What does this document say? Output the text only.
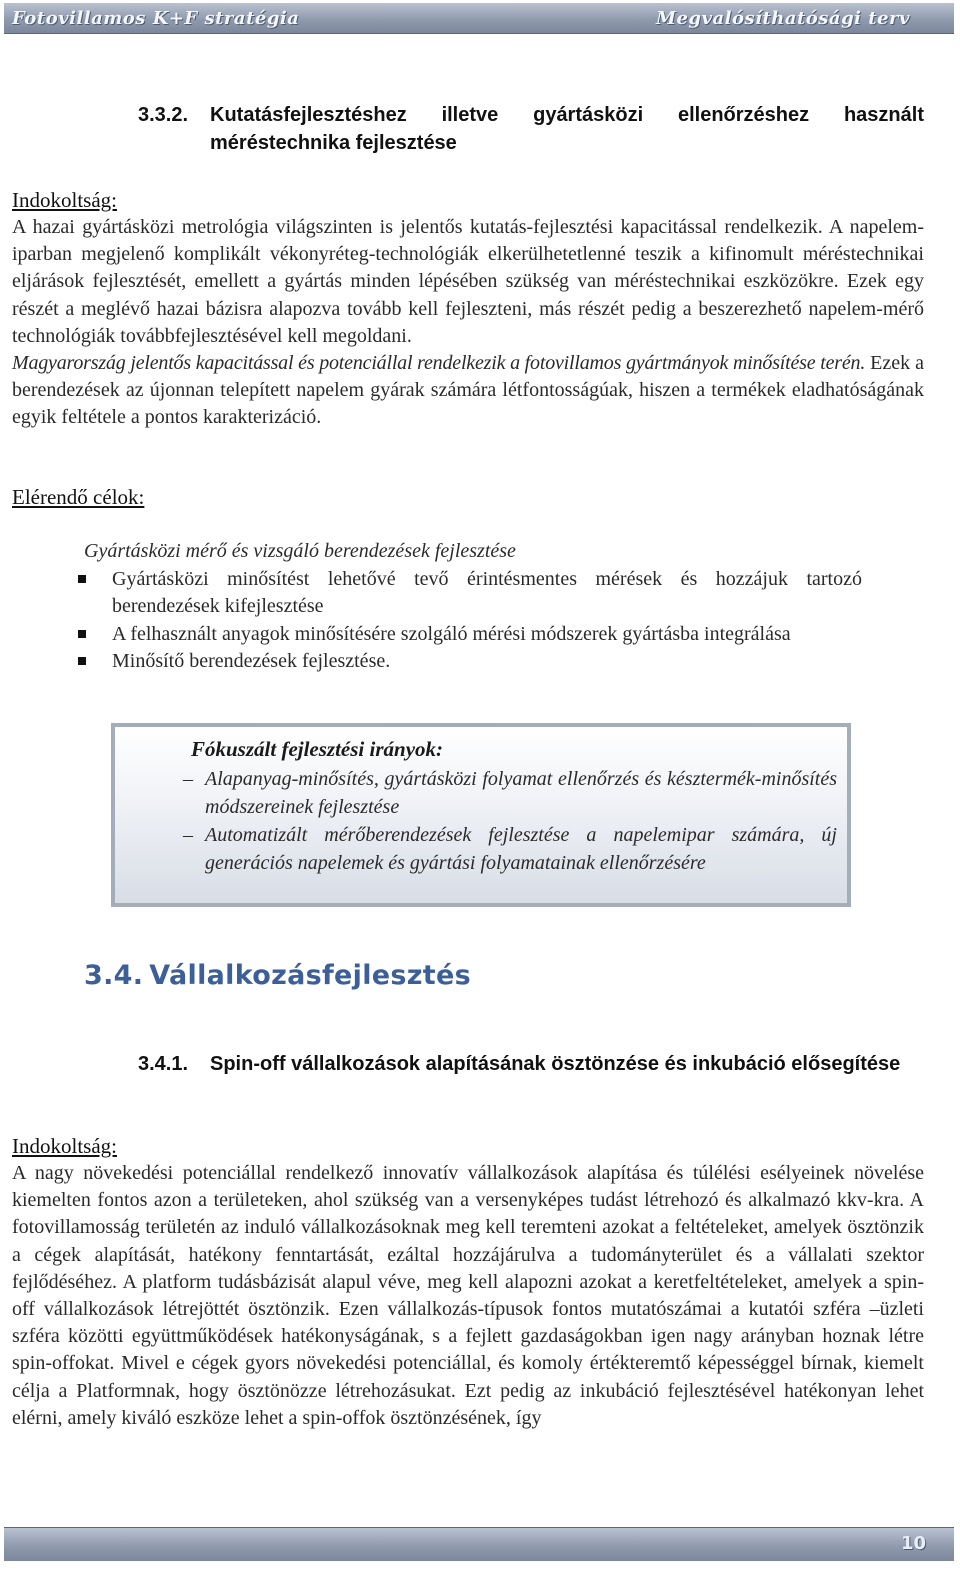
Fotovillamos K+F stratégia	Megvalósíthatósági terv
3.3.2. Kutatásfejlesztéshez illetve gyártásközi ellenőrzéshez használt méréstechnika fejlesztése
Indokoltság:
A hazai gyártásközi metrológia világszinten is jelentős kutatás-fejlesztési kapacitással rendelkezik. A napelem-iparban megjelenő komplikált vékonyréteg-technológiák elkerülhetetlenné teszik a kifinomult méréstechnikai eljárások fejlesztését, emellett a gyártás minden lépésében szükség van méréstechnikai eszközökre. Ezek egy részét a meglévő hazai bázisra alapozva tovább kell fejleszteni, más részét pedig a beszerezhető napelem-mérő technológiák továbbfejlesztésével kell megoldani.
Magyarország jelentős kapacitással és potenciállal rendelkezik a fotovillamos gyártmányok minősítése terén. Ezek a berendezések az újonnan telepített napelem gyárak számára létfontosságúak, hiszen a termékek eladhatóságának egyik feltétele a pontos karakterizáció.
Elérendő célok:
Gyártásközi mérő és vizsgáló berendezések fejlesztése
Gyártásközi minősítést lehetővé tevő érintésmentes mérések és hozzájuk tartozó berendezések kifejlesztése
A felhasznált anyagok minősítésére szolgáló mérési módszerek gyártásba integrálása
Minősítő berendezések fejlesztése.
Fókuszált fejlesztési irányok:
– Alapanyag-minősítés, gyártásközi folyamat ellenőrzés és késztermék-minősítés módszereinek fejlesztése
– Automatizált mérőberendezések fejlesztése a napelemipar számára, új generációs napelemek és gyártási folyamatainak ellenőrzésére
3.4. Vállalkozásfejlesztés
3.4.1. Spin-off vállalkozások alapításának ösztönzése és inkubáció elősegítése
Indokoltság:
A nagy növekedési potenciállal rendelkező innovatív vállalkozások alapítása és túlélési esélyeinek növelése kiemelten fontos azon a területeken, ahol szükség van a versenyképes tudást létrehozó és alkalmazó kkv-kra. A fotovillamosság területén az induló vállalkozásoknak meg kell teremteni azokat a feltételeket, amelyek ösztönzik a cégek alapítását, hatékony fenntartását, ezáltal hozzájárulva a tudományterület és a vállalati szektor fejlődéséhez. A platform tudásbázisát alapul véve, meg kell alapozni azokat a keretfeltételeket, amelyek a spin-off vállalkozások létrejöttét ösztönzik. Ezen vállalkozás-típusok fontos mutatószámai a kutatói szféra –üzleti szféra közötti együttműködések hatékonyságának, s a fejlett gazdaságokban igen nagy arányban hoznak létre spin-offokat. Mivel e cégek gyors növekedési potenciállal, és komoly értékteremtő képességgel bírnak, kiemelt célja a Platformnak, hogy ösztönözze létrehozásukat. Ezt pedig az inkubáció fejlesztésével hatékonyan lehet elérni, amely kiváló eszköze lehet a spin-offok ösztönzésének, így
10
